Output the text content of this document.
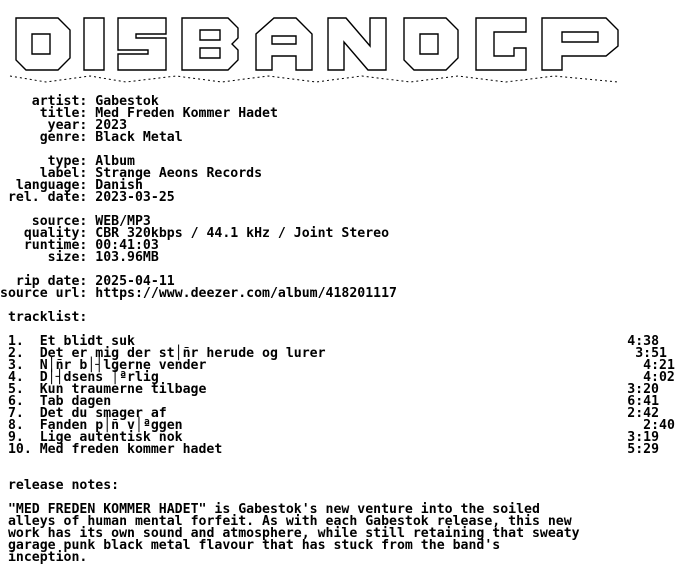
artist: Gabestok
title: Med Freden Kommer Hadet
year: 2023
genre: Black Metal

type: Album
label: Strange Aeons Records
language: Danish
rel. date: 2023-03-25

source: WEB/MP3
quality: CBR 320kbps / 44.1 kHz / Joint Stereo
runtime: 00:41:03
size: 103.96MB

rip date: 2025-04-11
source url: https://www.deezer.com/album/418201117

tracklist:

1.  Et blidt suk	4:38
2.  Det er mig der st│ñr herude og lurer	3:51
3.  N│ñr b│┤lgerne vender	4:21
4.  D│┤dsens │ªrlig	4:02
5.  Kun traumerne tilbage	3:20
6.  Tab dagen	6:41
7.  Det du smager af	2:42
8.  Fanden p│ñ v│ªggen	2:40
9.  Lige autentisk nok	3:19
10. Med freden kommer hadet	5:29

release notes:

"MED FREDEN KOMMER HADET" is Gabestok's new venture into the soiled
alleys of human mental forfeit. As with each Gabestok release, this new
work has its own sound and atmosphere, while still retaining that sweaty
garage punk black metal flavour that has stuck from the band's
inception.
